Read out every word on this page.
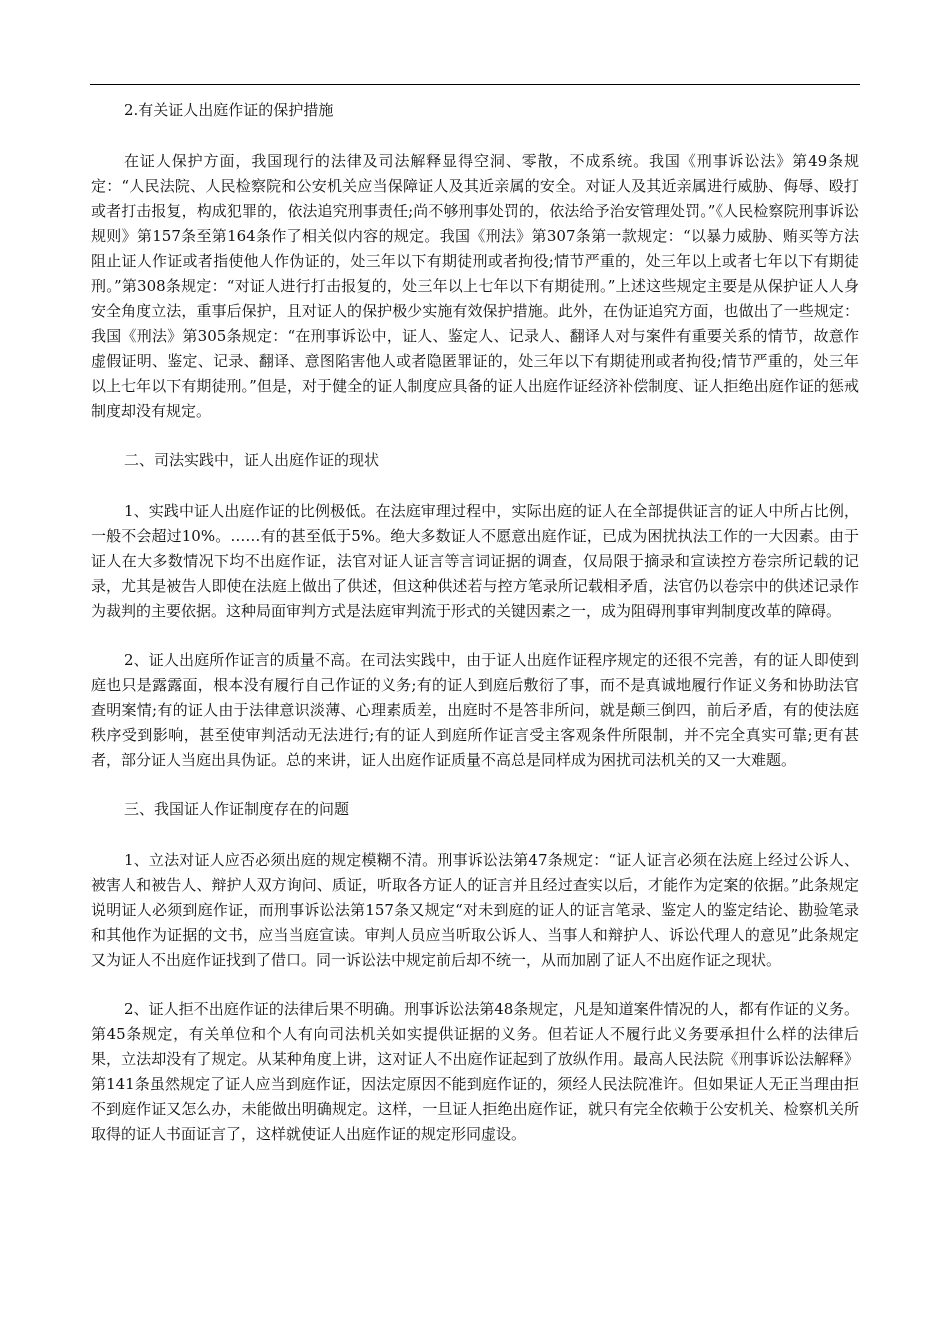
2.有关证人出庭作证的保护措施

在证人保护方面，我国现行的法律及司法解释显得空洞、零散，不成系统。我国《刑事诉讼法》第49条规定：“人民法院、人民检察院和公安机关应当保障证人及其近亲属的安全。对证人及其近亲属进行威胁、侮辱、殴打或者打击报复，构成犯罪的，依法追究刑事责任;尚不够刑事处罚的，依法给予治安管理处罚。”《人民检察院刑事诉讼规则》第157条至第164条作了相关似内容的规定。我国《刑法》第307条第一款规定：“以暴力威胁、贿买等方法阻止证人作证或者指使他人作伪证的，处三年以下有期徒刑或者拘役;情节严重的，处三年以上或者七年以下有期徒刑。”第308条规定：“对证人进行打击报复的，处三年以上七年以下有期徒刑。”上述这些规定主要是从保护证人人身安全角度立法，重事后保护，且对证人的保护极少实施有效保护措施。此外，在伪证追究方面，也做出了一些规定：我国《刑法》第305条规定：“在刑事诉讼中，证人、鉴定人、记录人、翻译人对与案件有重要关系的情节，故意作虚假证明、鉴定、记录、翻译、意图陷害他人或者隐匿罪证的，处三年以下有期徒刑或者拘役;情节严重的，处三年以上七年以下有期徒刑。”但是，对于健全的证人制度应具备的证人出庭作证经济补偿制度、证人拒绝出庭作证的惩戒制度却没有规定。

二、司法实践中，证人出庭作证的现状

1、实践中证人出庭作证的比例极低。在法庭审理过程中，实际出庭的证人在全部提供证言的证人中所占比例，一般不会超过10%。……有的甚至低于5%。绝大多数证人不愿意出庭作证，已成为困扰执法工作的一大因素。由于证人在大多数情况下均不出庭作证，法官对证人证言等言词证据的调查，仅局限于摘录和宣读控方卷宗所记载的记录，尤其是被告人即使在法庭上做出了供述，但这种供述若与控方笔录所记载相矛盾，法官仍以卷宗中的供述记录作为裁判的主要依据。这种局面审判方式是法庭审判流于形式的关键因素之一，成为阻碍刑事审判制度改革的障碍。

2、证人出庭所作证言的质量不高。在司法实践中，由于证人出庭作证程序规定的还很不完善，有的证人即使到庭也只是露露面，根本没有履行自己作证的义务;有的证人到庭后敷衍了事，而不是真诚地履行作证义务和协助法官查明案情;有的证人由于法律意识淡薄、心理素质差，出庭时不是答非所问，就是颠三倒四，前后矛盾，有的使法庭秩序受到影响，甚至使审判活动无法进行;有的证人到庭所作证言受主客观条件所限制，并不完全真实可靠;更有甚者，部分证人当庭出具伪证。总的来讲，证人出庭作证质量不高总是同样成为困扰司法机关的又一大难题。

三、我国证人作证制度存在的问题

1、立法对证人应否必须出庭的规定模糊不清。刑事诉讼法第47条规定：“证人证言必须在法庭上经过公诉人、被害人和被告人、辩护人双方询问、质证，听取各方证人的证言并且经过查实以后，才能作为定案的依据。”此条规定说明证人必须到庭作证，而刑事诉讼法第157条又规定“对未到庭的证人的证言笔录、鉴定人的鉴定结论、勘验笔录和其他作为证据的文书，应当当庭宣读。审判人员应当听取公诉人、当事人和辩护人、诉讼代理人的意见”此条规定又为证人不出庭作证找到了借口。同一诉讼法中规定前后却不统一，从而加剧了证人不出庭作证之现状。

2、证人拒不出庭作证的法律后果不明确。刑事诉讼法第48条规定，凡是知道案件情况的人，都有作证的义务。第45条规定，有关单位和个人有向司法机关如实提供证据的义务。但若证人不履行此义务要承担什么样的法律后果，立法却没有了规定。从某种角度上讲，这对证人不出庭作证起到了放纵作用。最高人民法院《刑事诉讼法解释》第141条虽然规定了证人应当到庭作证，因法定原因不能到庭作证的，须经人民法院准许。但如果证人无正当理由拒不到庭作证又怎么办，未能做出明确规定。这样，一旦证人拒绝出庭作证，就只有完全依赖于公安机关、检察机关所取得的证人书面证言了，这样就使证人出庭作证的规定形同虚设。
